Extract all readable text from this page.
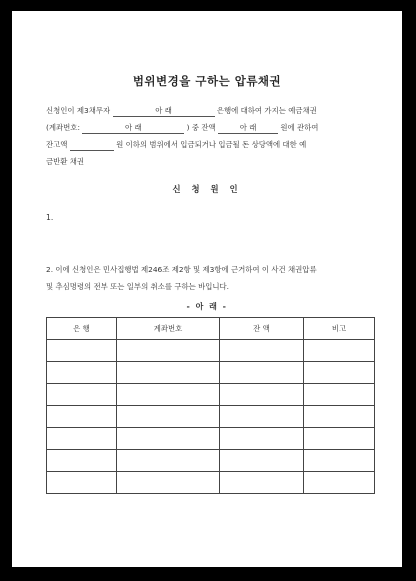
범위변경을 구하는 압류채권
신청인이 제3채무자	아 래	은행에 대하여 가지는 예금채권
(계좌번호:	아 래	) 중 잔액	아 래	원에 관하여
잔고액	원 이하의 범위에서 입금되거나 입금될 돈 상당액에 대한 예
금반환 채권
신 청 원 인
1.
2. 이에 신청인은 민사집행법 제246조 제2항 및 제3항에 근거하여 이 사건 채권압류
및 추심명령의 전부 또는 일부의 취소를 구하는 바입니다.
- 아 래 -
은 행	계좌번호	잔 액	비고
